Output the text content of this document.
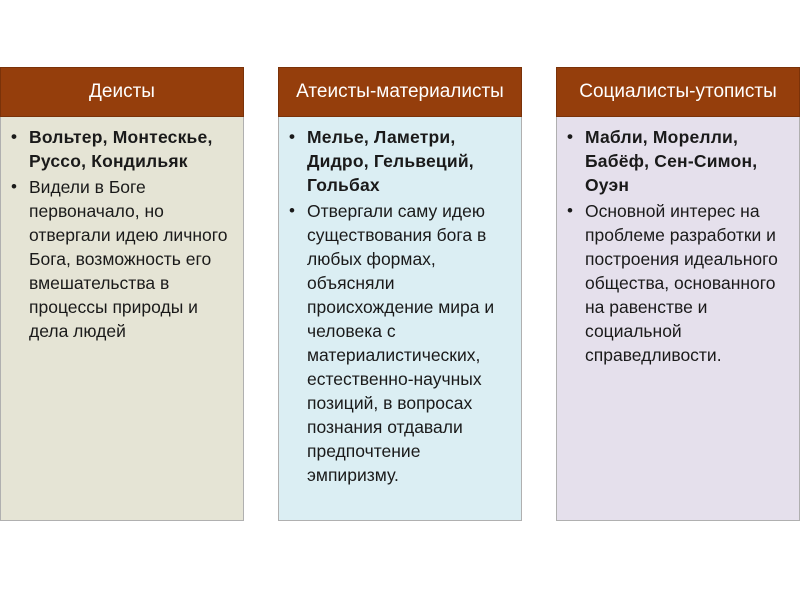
Деисты
• Вольтер, Монтескье, Руссо, Кондильяк
• Видели в Боге первоначало, но отвергали идею личного Бога, возможность его вмешательства в процессы природы и дела людей
Атеисты-материалисты
• Мелье, Ламетри, Дидро, Гельвеций, Гольбах
• Отвергали саму идею существования бога в любых формах, объясняли происхождение мира и человека с материалистических, естественно-научных позиций, в вопросах познания отдавали предпочтение эмпиризму.
Социалисты-утописты
• Мабли, Морелли, Бабёф, Сен-Симон, Оуэн
• Основной интерес на проблеме разработки и построения идеального общества, основанного на равенстве и социальной справедливости.
